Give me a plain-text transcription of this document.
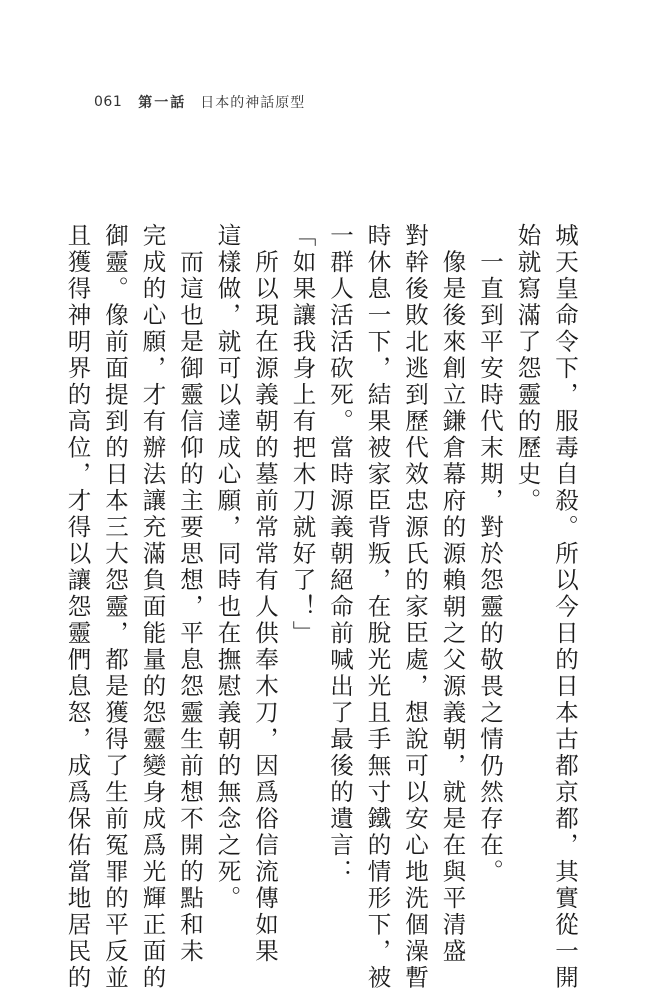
061 第一話 日本的神話原型

城天皇命令下，服毒自殺。所以今日的日本古都京都，其實從一開

始就寫滿了怨靈的歷史。

　一直到平安時代末期，對於怨靈的敬畏之情仍然存在。

　像是後來創立鎌倉幕府的源賴朝之父源義朝，就是在與平清盛

對幹後敗北逃到歷代效忠源氏的家臣處，想說可以安心地洗個澡暫

時休息一下，結果被家臣背叛，在脫光光且手無寸鐵的情形下，被

一群人活活砍死。當時源義朝絕命前喊出了最後的遺言：

「如果讓我身上有把木刀就好了！」

　所以現在源義朝的墓前常常有人供奉木刀，因爲俗信流傳如果

這樣做，就可以達成心願，同時也在撫慰義朝的無念之死。

　而這也是御靈信仰的主要思想，平息怨靈生前想不開的點和未

完成的心願，才有辦法讓充滿負面能量的怨靈變身成爲光輝正面的

御靈。像前面提到的日本三大怨靈，都是獲得了生前冤罪的平反並

且獲得神明界的高位，才得以讓怨靈們息怒，成爲保佑當地居民的
